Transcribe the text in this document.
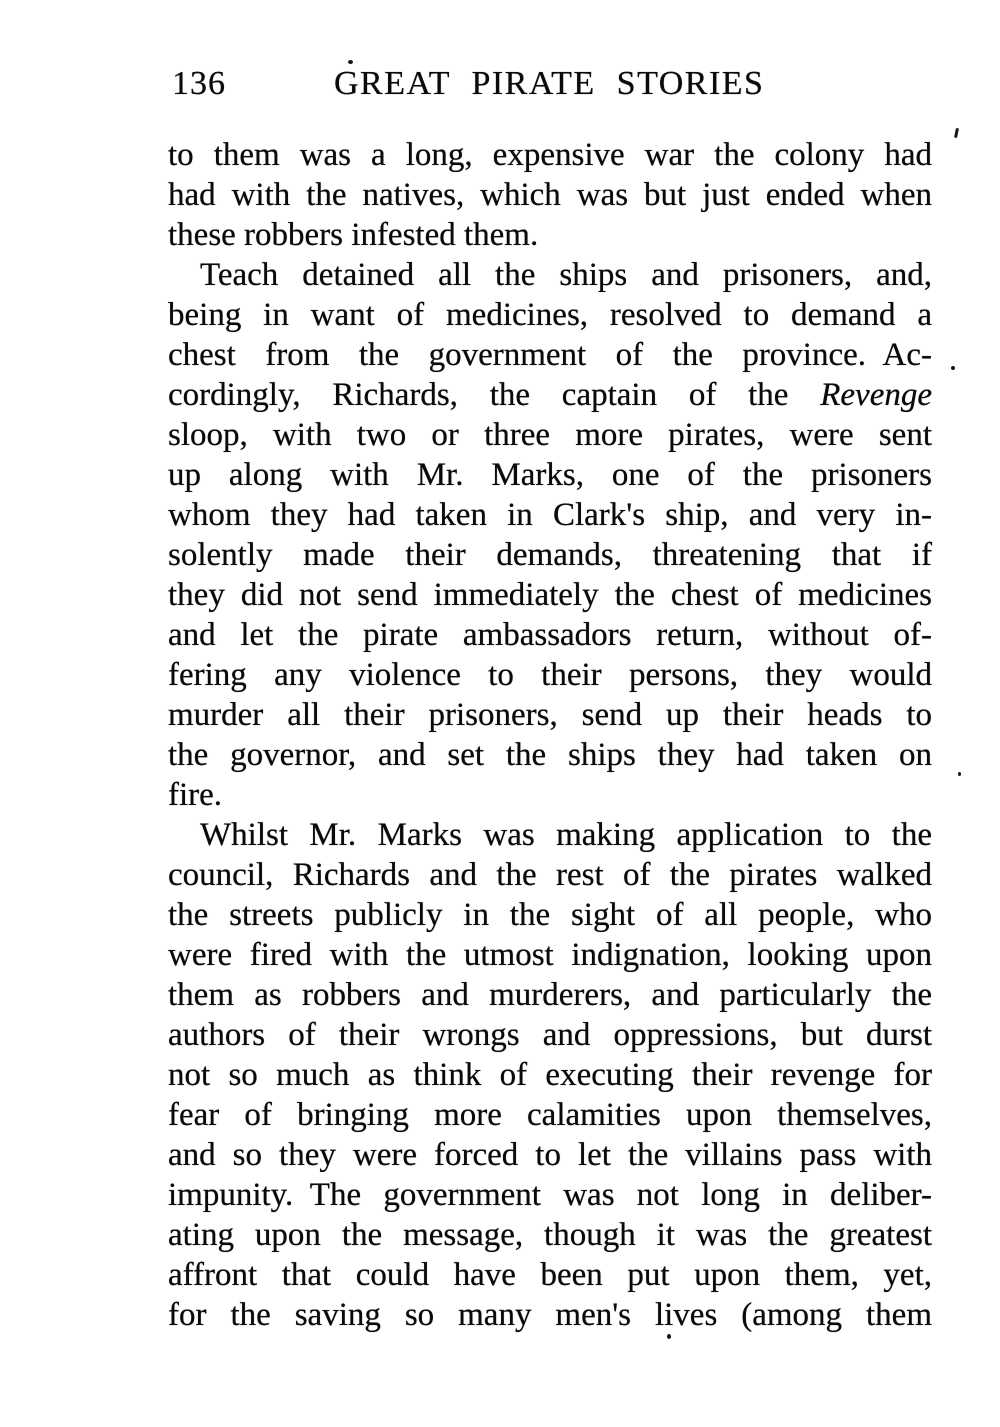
136	GREAT PIRATE STORIES
to them was a long, expensive war the colony had
had with the natives, which was but just ended when
these robbers infested them.
Teach detained all the ships and prisoners, and,
being in want of medicines, resolved to demand a
chest from the government of the province. Ac-
cordingly, Richards, the captain of the Revenge
sloop, with two or three more pirates, were sent
up along with Mr. Marks, one of the prisoners
whom they had taken in Clark's ship, and very in-
solently made their demands, threatening that if
they did not send immediately the chest of medicines
and let the pirate ambassadors return, without of-
fering any violence to their persons, they would
murder all their prisoners, send up their heads to
the governor, and set the ships they had taken on
fire.
Whilst Mr. Marks was making application to the
council, Richards and the rest of the pirates walked
the streets publicly in the sight of all people, who
were fired with the utmost indignation, looking upon
them as robbers and murderers, and particularly the
authors of their wrongs and oppressions, but durst
not so much as think of executing their revenge for
fear of bringing more calamities upon themselves,
and so they were forced to let the villains pass with
impunity. The government was not long in deliber-
ating upon the message, though it was the greatest
affront that could have been put upon them, yet,
for the saving so many men's lives (among them
